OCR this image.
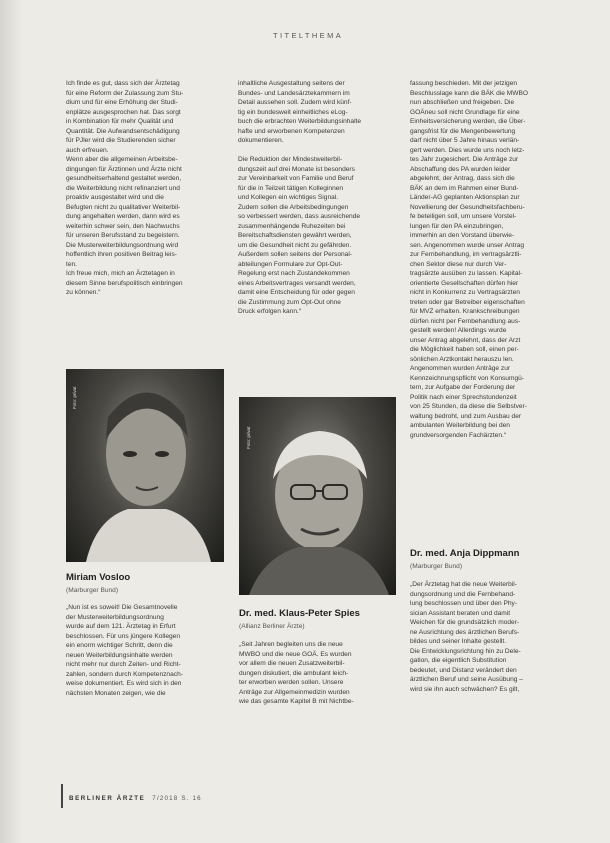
TITELTHEMA

Ich finde es gut, dass sich der Ärztetag
für eine Reform der Zulassung zum Stu-
dium und für eine Erhöhung der Studi-
enplätze ausgesprochen hat. Das sorgt
in Kombination für mehr Qualität und
Quantität. Die Aufwandsentschädigung
für PJler wird die Studierenden sicher
auch erfreuen.
Wenn aber die allgemeinen Arbeitsbe-
dingungen für Ärztinnen und Ärzte nicht
gesundheitserhaltend gestaltet werden,
die Weiterbildung nicht refinanziert und
proaktiv ausgestaltet wird und die
Befugten nicht zu qualitativer Weiterbil-
dung angehalten werden, dann wird es
weiterhin schwer sein, den Nachwuchs
für unseren Berufsstand zu begeistern.
Die Musterweiterbildungsordnung wird
hoffentlich ihren positiven Beitrag leis-
ten.
Ich freue mich, mich an Ärztetagen in
diesem Sinne berufspolitisch einbringen
zu können.“

Foto: privat
Miriam Vosloo
(Marburger Bund)

„Nun ist es soweit! Die Gesamtnovelle
der Musterweiterbildungsordnung
wurde auf dem 121. Ärztetag in Erfurt
beschlossen. Für uns jüngere Kollegen
ein enorm wichtiger Schritt, denn die
neuen Weiterbildungsinhalte werden
nicht mehr nur durch Zeiten- und Richt-
zahlen, sondern durch Kompetenznach-
weise dokumentiert. Es wird sich in den
nächsten Monaten zeigen, wie die

inhaltliche Ausgestaltung seitens der
Bundes- und Landesärztekammern im
Detail aussehen soll. Zudem wird künf-
tig ein bundesweit einheitliches eLog-
buch die erbrachten Weiterbildungsinhalte
hafte und erworbenen Kompetenzen
dokumentieren.

Die Reduktion der Mindestweiterbil-
dungszeit auf drei Monate ist besonders
zur Vereinbarkeit von Familie und Beruf
für die in Teilzeit tätigen Kolleginnen
und Kollegen ein wichtiges Signal.
Zudem sollen die Arbeitsbedingungen
so verbessert werden, dass ausreichende
zusammenhängende Ruhezeiten bei
Bereitschaftsdiensten gewährt werden,
um die Gesundheit nicht zu gefährden.
Außerdem sollen seitens der Personal-
abteilungen Formulare zur Opt-Out-
Regelung erst nach Zustandekommen
eines Arbeitsvertrages versandt werden,
damit eine Entscheidung für oder gegen
die Zustimmung zum Opt-Out ohne
Druck erfolgen kann.“

Foto: privat
Dr. med. Klaus-Peter Spies
(Allianz Berliner Ärzte)

„Seit Jahren begleiten uns die neue
MWBO und die neue GOÄ. Es wurden
vor allem die neuen Zusatzweiterbil-
dungen diskutiert, die ambulant leich-
ter erworben werden sollen. Unsere
Anträge zur Allgemeinmedizin wurden
wie das gesamte Kapitel B mit Nichtbe-

fassung beschieden. Mit der jetzigen
Beschlusslage kann die BÄK die MWBO
nun abschließen und freigeben. Die
GOÄneu soll nicht Grundlage für eine
Einheitsversicherung werden, die Über-
gangsfrist für die Mengenbewertung
darf nicht über 5 Jahre hinaus verlän-
gert werden. Dies wurde uns noch letz-
tes Jahr zugesichert. Die Anträge zur
Abschaffung des PA wurden leider
abgelehnt, der Antrag, dass sich die
BÄK an dem im Rahmen einer Bund-
Länder-AG geplanten Aktionsplan zur
Novellierung der Gesundheitsfachberu-
fe beteiligen soll, um unsere Vorstel-
lungen für den PA einzubringen,
immerhin an den Vorstand überwie-
sen. Angenommen wurde unser Antrag
zur Fernbehandlung, im vertragsärztli-
chen Sektor diese nur durch Ver-
tragsärzte ausüben zu lassen. Kapital-
orientierte Gesellschaften dürfen hier
nicht in Konkurrenz zu Vertragsärzten
treten oder gar Betreiber eigenschaften
für MVZ erhalten. Krankschreibungen
dürfen nicht per Fernbehandlung aus-
gestellt werden! Allerdings wurde
unser Antrag abgelehnt, dass der Arzt
die Möglichkeit haben soll, einen per-
sönlichen Arztkontakt herauszu len.
Angenommen wurden Anträge zur
Kennzeichnungspflicht von Konsumgü-
tern, zur Aufgabe der Forderung der
Politik nach einer Sprechstundenzeit
von 25 Stunden, da diese die Selbstver-
waltung bedroht, und zum Ausbau der
ambulanten Weiterbildung bei den
grundversorgenden Fachärzten.“

Dr. med. Anja Dippmann
(Marburger Bund)

„Der Ärztetag hat die neue Weiterbil-
dungsordnung und die Fernbehand-
lung beschlossen und über den Phy-
sician Assistant beraten und damit
Weichen für die grundsätzlich moder-
ne Ausrichtung des ärztlichen Berufs-
bildes und seiner Inhalte gestellt.
Die Entwicklungsrichtung hin zu Dele-
gation, die eigentlich Substitution
bedeutet, und Distanz verändert den
ärztlichen Beruf und seine Ausübung –
wird sie ihn auch schwächen? Es gilt,

BERLINER ÄRZTE 7/2018 S. 16
